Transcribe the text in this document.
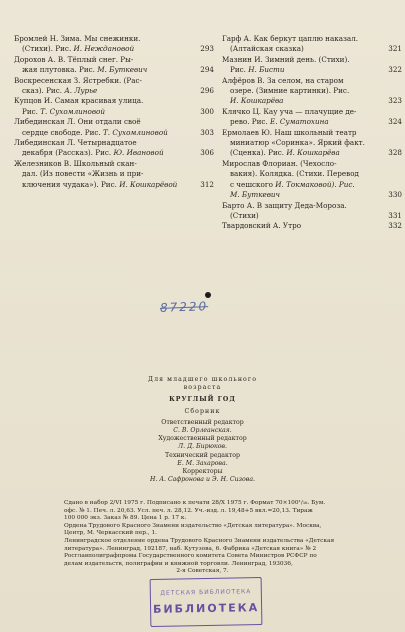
Бромлей Н. Зима. Мы снежинки.
(Стихи). Рис. И. Неждановой	293
Дорохов А. В. Тёплый снег. Ры-
жая плутовка. Рис. М. Буткевич	294
Воскресенская З. Ястребки. (Рас-
сказ). Рис. А. Лурье	296
Купцов И. Самая красивая улица.
Рис. Т. Сухомлиновой	300
Либединская Л. Они отдали своё
сердце свободе. Рис. Т. Сухомлиновой	303
Либединская Л. Четырнадцатое
декабря (Рассказ). Рис. Ю. Ивановой	306
Железников В. Школьный скан-
дал. (Из повести «Жизнь и при-
ключения чудака»). Рис. И. Кошкарёвой	312
Гарф А. Как беркут цаплю наказал.
(Алтайская сказка)	321
Мазнин И. Зимний день. (Стихи).
Рис. Н. Бисти	322
Алфёров В. За селом, на старом
озере. (Зимние картинки). Рис.
И. Кошкарёва	323
Клячко Ц. Кау уча — плачущие де-
рево. Рис. Е. Суматохина	324
Ермолаев Ю. Наш школьный театр
миниатюр «Соринка». Яркий факт.
(Сценка). Рис. И. Кошкарёва	328
Мирослав Флориан. (Чехосло-
вакия). Колядка. (Стихи. Перевод
с чешского И. Токмаковой). Рис.
М. Буткевич	330
Барто А. В защиту Деда-Мороза.
(Стихи)	331
Твардовский А. Утро	332
87220
Для младшего школьного
возраста
КРУГЛЫЙ ГОД
Сборник
Ответственный редактор
С. В. Орлеанская.
Художественный редактор
Л. Д. Бирюков.
Технический редактор
Е. М. Захарова.
Корректоры
Н. А. Сафронова и Э. Н. Сизова.
Сдано в набор 2/VI 1975 г. Подписано к печати 28/X 1975 г. Формат 70×100¹/₁₆. Бум.
офс. № 1. Печ. л. 20,63. Усл. печ. л. 28,12. Уч.-изд. л. 19,48+5 вкл.=20,13. Тираж
100 000 экз. Заказ № 89. Цена 1 р. 17 к.
Ордена Трудового Красного Знамени издательство «Детская литература». Москва,
Центр, М. Черкасский пер., 1.
Ленинградское отделение ордена Трудового Красного Знамени издательства «Детская
литература». Ленинград, 192187, наб. Кутузова, 6. Фабрика «Детская книга» № 2
Росглавполиграфпрома Государственного комитета Совета Министров РСФСР по
делам издательств, полиграфии и книжной торговли. Ленинград, 193036,
2-я Советская, 7.
ДЕТСКАЯ БИБЛИОТЕКА
БИБЛИОТЕКА
